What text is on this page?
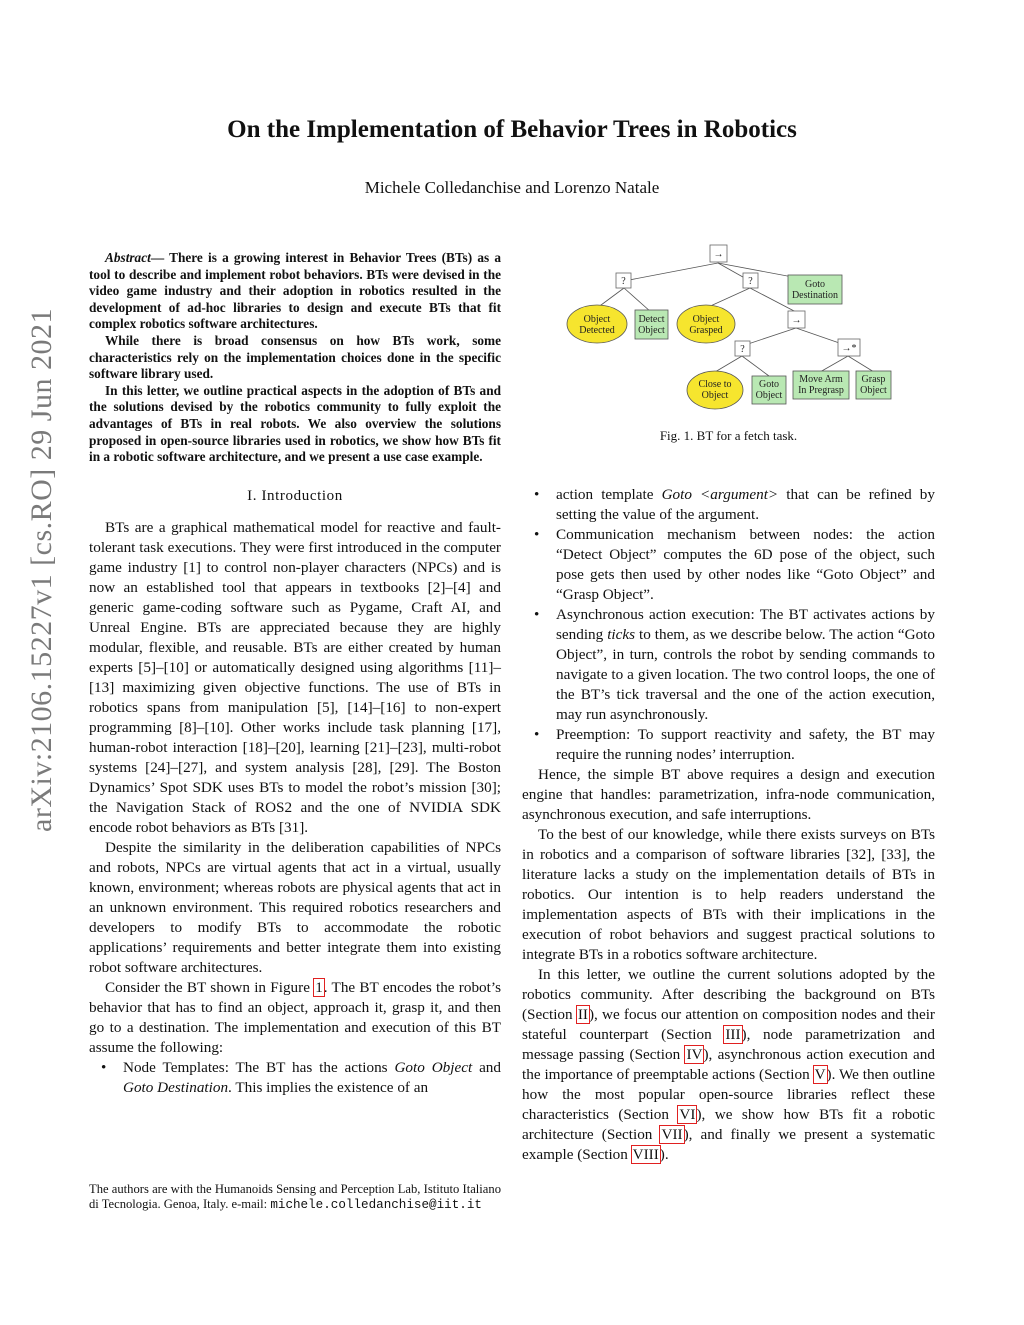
arXiv:2106.15227v1 [cs.RO] 29 Jun 2021
On the Implementation of Behavior Trees in Robotics
Michele Colledanchise and Lorenzo Natale

Abstract— There is a growing interest in Behavior Trees (BTs) as a tool to describe and implement robot behaviors. BTs were devised in the video game industry and their adoption in robotics resulted in the development of ad-hoc libraries to design and execute BTs that fit complex robotics software architectures.

While there is broad consensus on how BTs work, some characteristics rely on the implementation choices done in the specific software library used.

In this letter, we outline practical aspects in the adoption of BTs and the solutions devised by the robotics community to fully exploit the advantages of BTs in real robots. We also overview the solutions proposed in open-source libraries used in robotics, we show how BTs fit in a robotic software architecture, and we present a use case example.

I. Introduction

BTs are a graphical mathematical model for reactive and fault-tolerant task executions. They were first introduced in the computer game industry [1] to control non-player characters (NPCs) and is now an established tool that appears in textbooks [2]–[4] and generic game-coding software such as Pygame, Craft AI, and Unreal Engine. BTs are appreciated because they are highly modular, flexible, and reusable. BTs are either created by human experts [5]–[10] or automatically designed using algorithms [11]–[13] maximizing given objective functions. The use of BTs in robotics spans from manipulation [5], [14]–[16] to non-expert programming [8]–[10]. Other works include task planning [17], human-robot interaction [18]–[20], learning [21]–[23], multi-robot systems [24]–[27], and system analysis [28], [29]. The Boston Dynamics’ Spot SDK uses BTs to model the robot’s mission [30]; the Navigation Stack of ROS2 and the one of NVIDIA SDK encode robot behaviors as BTs [31].

Despite the similarity in the deliberation capabilities of NPCs and robots, NPCs are virtual agents that act in a virtual, usually known, environment; whereas robots are physical agents that act in an unknown environment. This required robotics researchers and developers to modify BTs to accommodate the robotic applications’ requirements and better integrate them into existing robot software architectures.

Consider the BT shown in Figure 1. The BT encodes the robot’s behavior that has to find an object, approach it, grasp it, and then go to a destination. The implementation and execution of this BT assume the following:

• Node Templates: The BT has the actions Goto Object and Goto Destination. This implies the existence of an
The authors are with the Humanoids Sensing and Perception Lab, Istituto Italiano di Tecnologia. Genoa, Italy. e-mail: michele.colledanchise@iit.it
→
?	?	Goto
Destination
Object
Detected
Detect
Object
Object
Grasped
→
?	→*
Close to
Object
Goto
Object
Move Arm
In Pregrasp
Grasp
Object
Fig. 1. BT for a fetch task.
• action template Goto <argument> that can be refined by setting the value of the argument.
• Communication mechanism between nodes: the action “Detect Object” computes the 6D pose of the object, such pose gets then used by other nodes like “Goto Object” and “Grasp Object”.
• Asynchronous action execution: The BT activates actions by sending ticks to them, as we describe below. The action “Goto Object”, in turn, controls the robot by sending commands to navigate to a given location. The two control loops, the one of the BT’s tick traversal and the one of the action execution, may run asynchronously.
• Preemption: To support reactivity and safety, the BT may require the running nodes’ interruption.

Hence, the simple BT above requires a design and execution engine that handles: parametrization, infra-node communication, asynchronous execution, and safe interruptions.

To the best of our knowledge, while there exists surveys on BTs in robotics and a comparison of software libraries [32], [33], the literature lacks a study on the implementation details of BTs in robotics. Our intention is to help readers understand the implementation aspects of BTs with their implications in the execution of robot behaviors and suggest practical solutions to integrate BTs in a robotics software architecture.

In this letter, we outline the current solutions adopted by the robotics community. After describing the background on BTs (Section II), we focus our attention on composition nodes and their stateful counterpart (Section III), node parametrization and message passing (Section IV), asynchronous action execution and the importance of preemptable actions (Section V). We then outline how the most popular open-source libraries reflect these characteristics (Section VI), we show how BTs fit a robotic architecture (Section VII), and finally we present a systematic example (Section VIII).
